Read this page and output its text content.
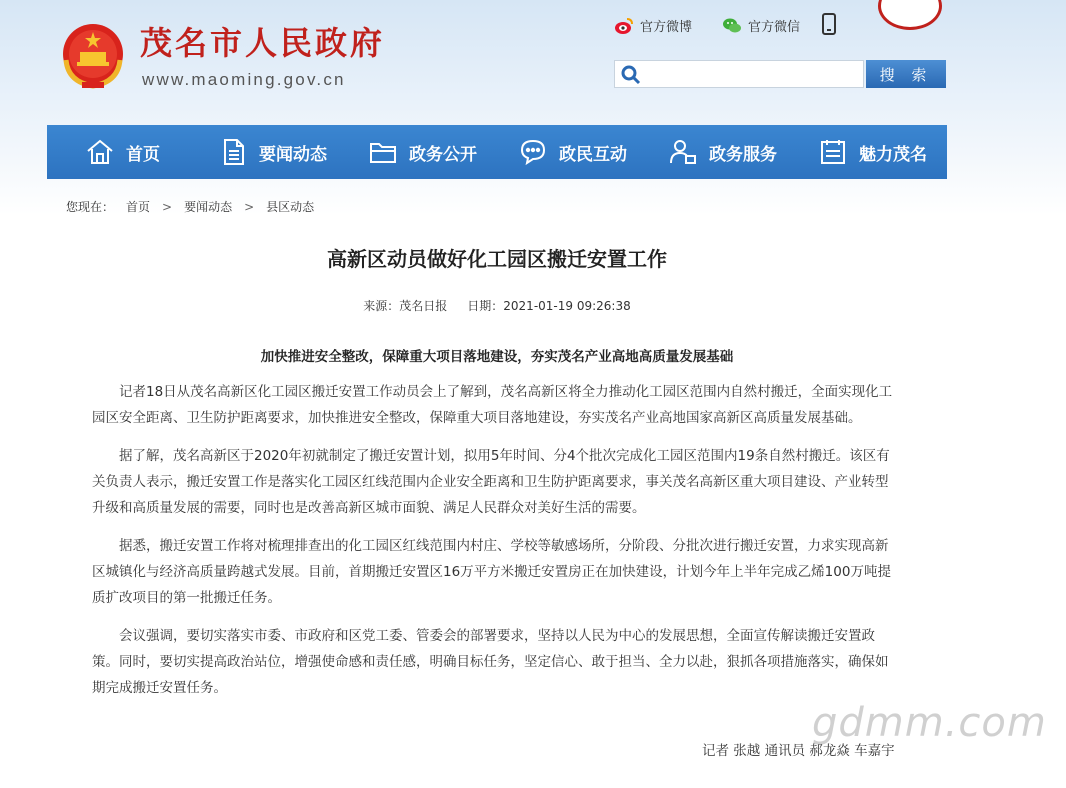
茂名市人民政府
www.maoming.gov.cn
官方微博	官方微信
搜 索
首页	要闻动态	政务公开	政民互动	政务服务	魅力茂名
您现在： 首页 > 要闻动态 > 县区动态
高新区动员做好化工园区搬迁安置工作
来源：茂名日报 日期：2021-01-19 09:26:38
加快推进安全整改，保障重大项目落地建设，夯实茂名产业高地高质量发展基础

记者18日从茂名高新区化工园区搬迁安置工作动员会上了解到，茂名高新区将全力推动化工园区范围内自然村搬迁，全面实现化工园区安全距离、卫生防护距离要求，加快推进安全整改，保障重大项目落地建设，夯实茂名产业高地国家高新区高质量发展基础。

据了解，茂名高新区于2020年初就制定了搬迁安置计划，拟用5年时间、分4个批次完成化工园区范围内19条自然村搬迁。该区有关负责人表示，搬迁安置工作是落实化工园区红线范围内企业安全距离和卫生防护距离要求，事关茂名高新区重大项目建设、产业转型升级和高质量发展的需要，同时也是改善高新区城市面貌、满足人民群众对美好生活的需要。

据悉，搬迁安置工作将对梳理排查出的化工园区红线范围内村庄、学校等敏感场所，分阶段、分批次进行搬迁安置，力求实现高新区城镇化与经济高质量跨越式发展。目前，首期搬迁安置区16万平方米搬迁安置房正在加快建设，计划今年上半年完成乙烯100万吨提质扩改项目的第一批搬迁任务。

会议强调，要切实落实市委、市政府和区党工委、管委会的部署要求，坚持以人民为中心的发展思想，全面宣传解读搬迁安置政策。同时，要切实提高政治站位，增强使命感和责任感，明确目标任务，坚定信心、敢于担当、全力以赴，狠抓各项措施落实，确保如期完成搬迁安置任务。

记者 张越 通讯员 郝龙焱 车嘉宇
gdmm.com
